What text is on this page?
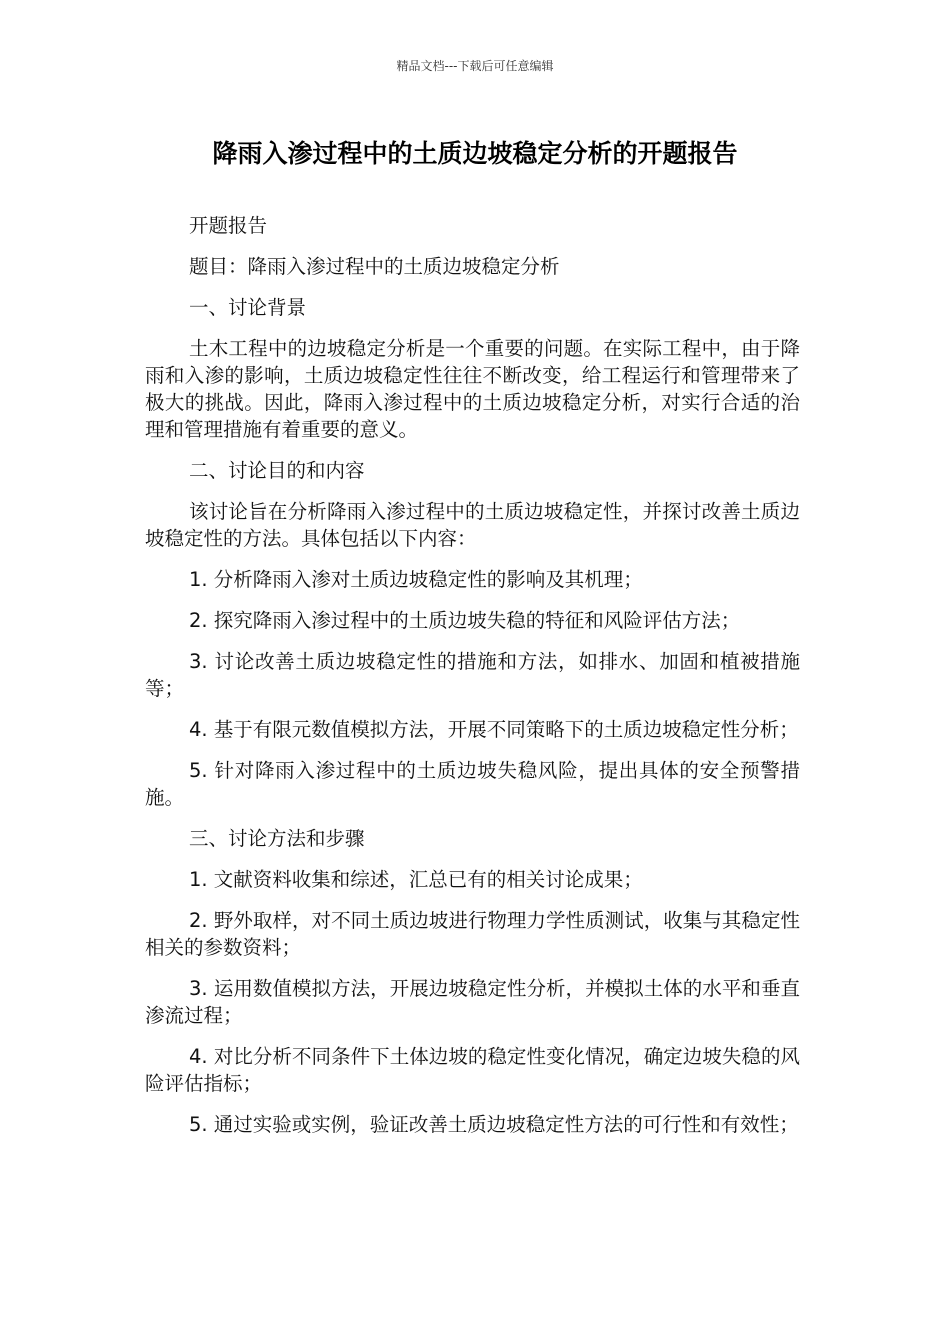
精品文档---下载后可任意编辑
降雨入渗过程中的土质边坡稳定分析的开题报告

开题报告

题目：降雨入渗过程中的土质边坡稳定分析

一、讨论背景

土木工程中的边坡稳定分析是一个重要的问题。在实际工程中，由于降雨和入渗的影响，土质边坡稳定性往往不断改变，给工程运行和管理带来了极大的挑战。因此，降雨入渗过程中的土质边坡稳定分析，对实行合适的治理和管理措施有着重要的意义。

二、讨论目的和内容

该讨论旨在分析降雨入渗过程中的土质边坡稳定性，并探讨改善土质边坡稳定性的方法。具体包括以下内容：

1. 分析降雨入渗对土质边坡稳定性的影响及其机理；

2. 探究降雨入渗过程中的土质边坡失稳的特征和风险评估方法；

3. 讨论改善土质边坡稳定性的措施和方法，如排水、加固和植被措施等；

4. 基于有限元数值模拟方法，开展不同策略下的土质边坡稳定性分析；

5. 针对降雨入渗过程中的土质边坡失稳风险，提出具体的安全预警措施。

三、讨论方法和步骤

1. 文献资料收集和综述，汇总已有的相关讨论成果；

2. 野外取样，对不同土质边坡进行物理力学性质测试，收集与其稳定性相关的参数资料；

3. 运用数值模拟方法，开展边坡稳定性分析，并模拟土体的水平和垂直渗流过程；

4. 对比分析不同条件下土体边坡的稳定性变化情况，确定边坡失稳的风险评估指标；

5. 通过实验或实例，验证改善土质边坡稳定性方法的可行性和有效性；
